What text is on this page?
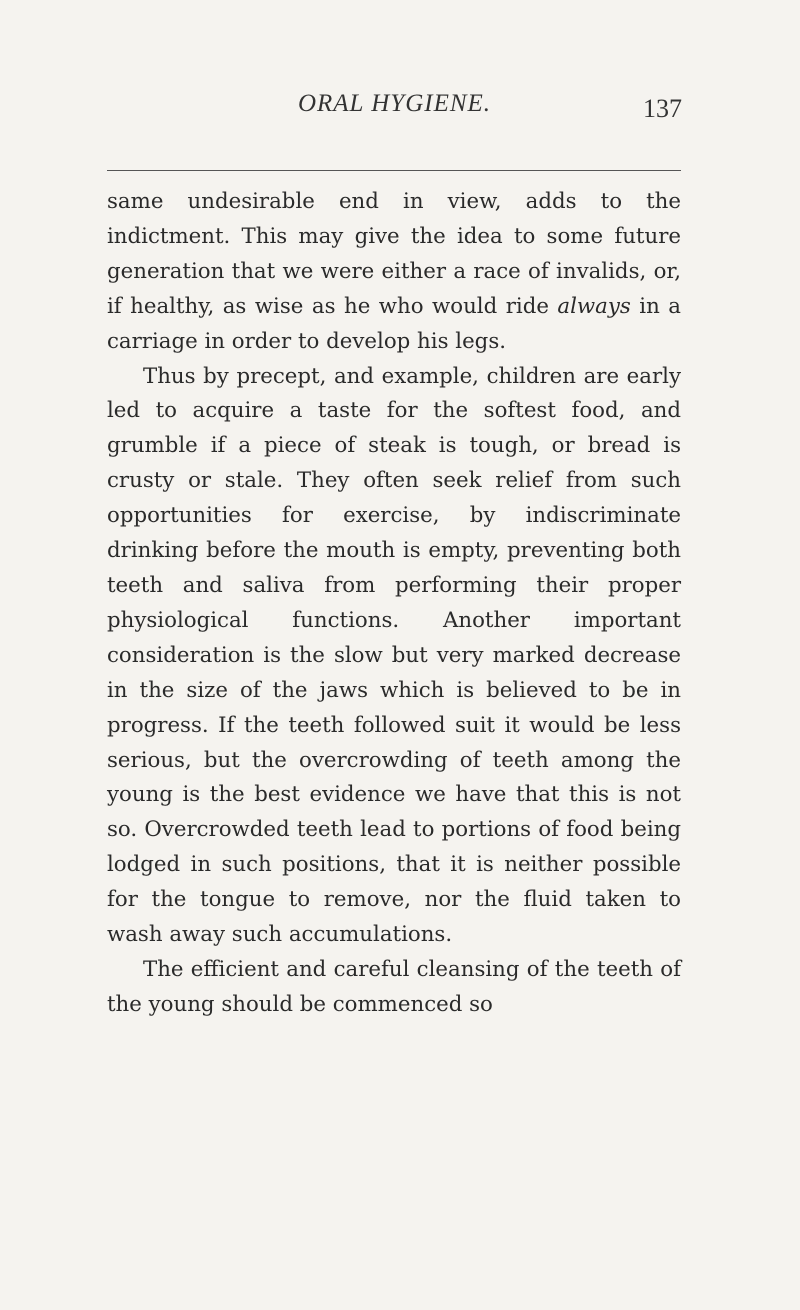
ORAL HYGIENE.	137

same undesirable end in view, adds to the indictment. This may give the idea to some future generation that we were either a race of invalids, or, if healthy, as wise as he who would ride always in a carriage in order to develop his legs.

Thus by precept, and example, children are early led to acquire a taste for the softest food, and grumble if a piece of steak is tough, or bread is crusty or stale. They often seek relief from such opportunities for exercise, by indiscriminate drinking before the mouth is empty, preventing both teeth and saliva from performing their proper physiological functions. Another important consideration is the slow but very marked decrease in the size of the jaws which is believed to be in progress. If the teeth followed suit it would be less serious, but the overcrowding of teeth among the young is the best evidence we have that this is not so. Overcrowded teeth lead to portions of food being lodged in such positions, that it is neither possible for the tongue to remove, nor the fluid taken to wash away such accumulations.

The efficient and careful cleansing of the teeth of the young should be commenced so
